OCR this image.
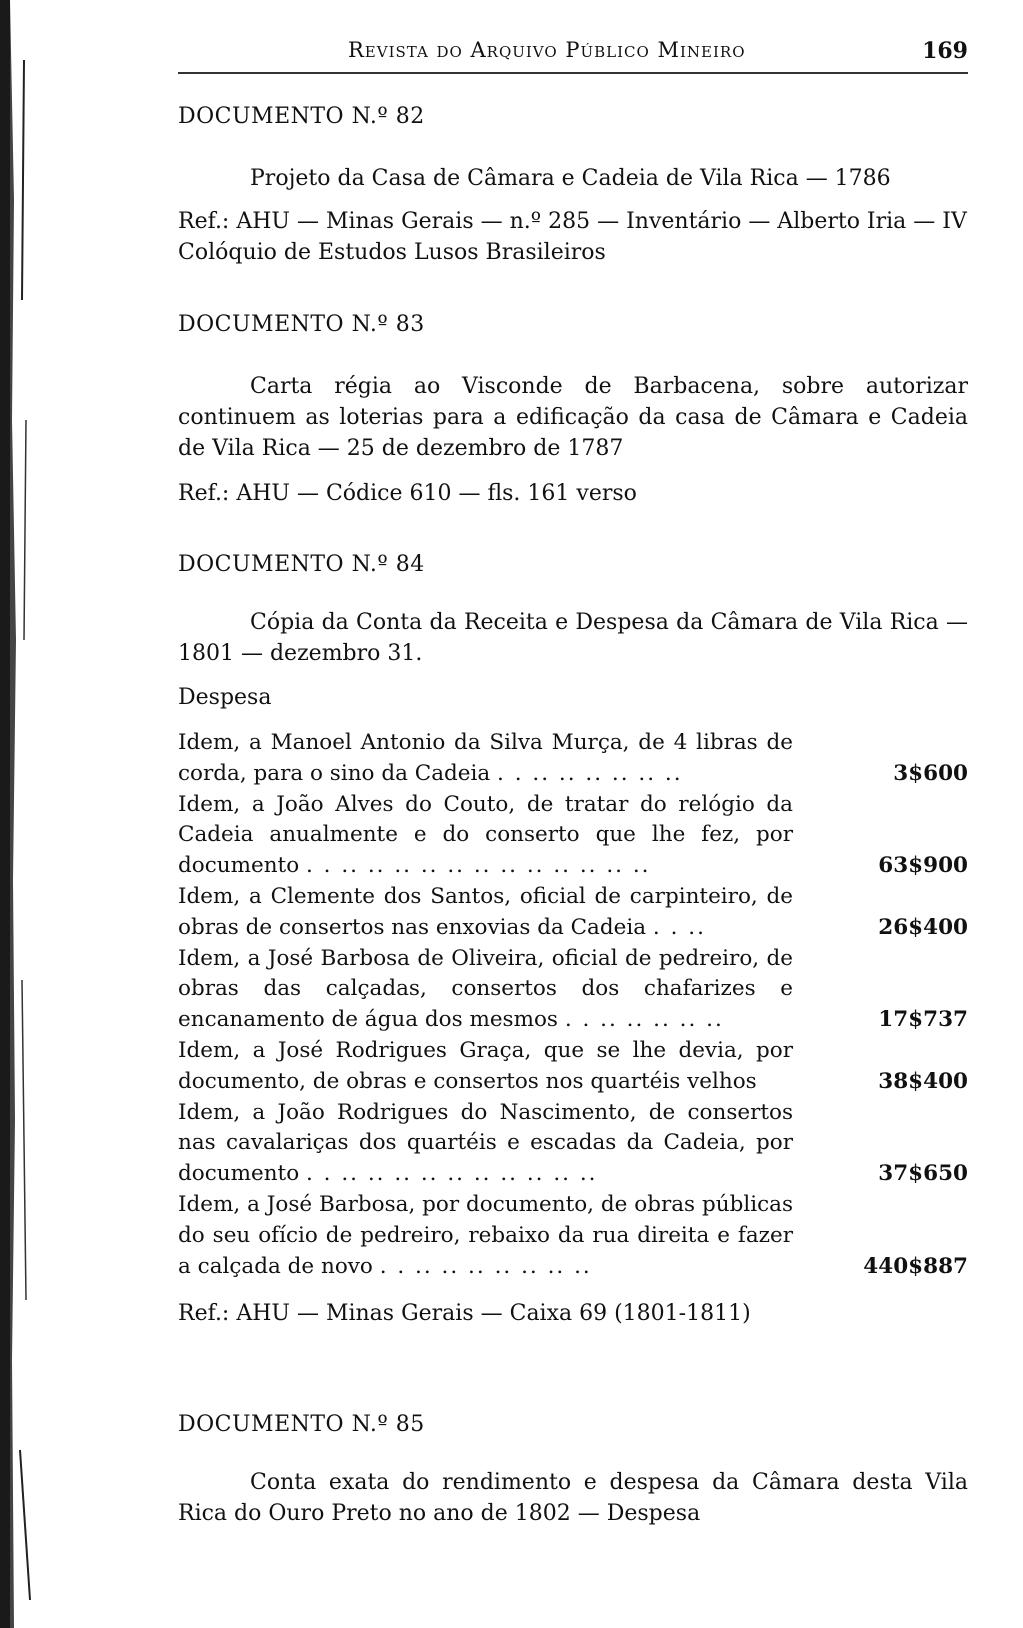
Revista do Arquivo Público Mineiro	169
DOCUMENTO N.º 82
Projeto da Casa de Câmara e Cadeia de Vila Rica — 1786
Ref.: AHU — Minas Gerais — n.º 285 — Inventário — Alberto Iria — IV Colóquio de Estudos Lusos Brasileiros
DOCUMENTO N.º 83
Carta régia ao Visconde de Barbacena, sobre autorizar continuem as loterias para a edificação da casa de Câmara e Cadeia de Vila Rica — 25 de dezembro de 1787
Ref.: AHU — Códice 610 — fls. 161 verso
DOCUMENTO N.º 84
Cópia da Conta da Receita e Despesa da Câmara de Vila Rica — 1801 — dezembro 31.
Despesa
Idem, a Manoel Antonio da Silva Murça, de 4 libras de corda, para o sino da Cadeia . . .. .. .. .. .. ..	3$600
Idem, a João Alves do Couto, de tratar do relógio da Cadeia anualmente e do conserto que lhe fez, por documento . . .. .. .. .. .. .. .. .. .. .. .. ..	63$900
Idem, a Clemente dos Santos, oficial de carpinteiro, de obras de consertos nas enxovias da Cadeia . . ..	26$400
Idem, a José Barbosa de Oliveira, oficial de pedreiro, de obras das calçadas, consertos dos chafarizes e encanamento de água dos mesmos . . .. .. .. .. ..	17$737
Idem, a José Rodrigues Graça, que se lhe devia, por documento, de obras e consertos nos quartéis velhos	38$400
Idem, a João Rodrigues do Nascimento, de consertos nas cavalariças dos quartéis e escadas da Cadeia, por documento . . .. .. .. .. .. .. .. .. .. ..	37$650
Idem, a José Barbosa, por documento, de obras públicas do seu ofício de pedreiro, rebaixo da rua direita e fazer a calçada de novo . . .. .. .. .. .. .. ..	440$887
Ref.: AHU — Minas Gerais — Caixa 69 (1801-1811)
DOCUMENTO N.º 85
Conta exata do rendimento e despesa da Câmara desta Vila Rica do Ouro Preto no ano de 1802 — Despesa
